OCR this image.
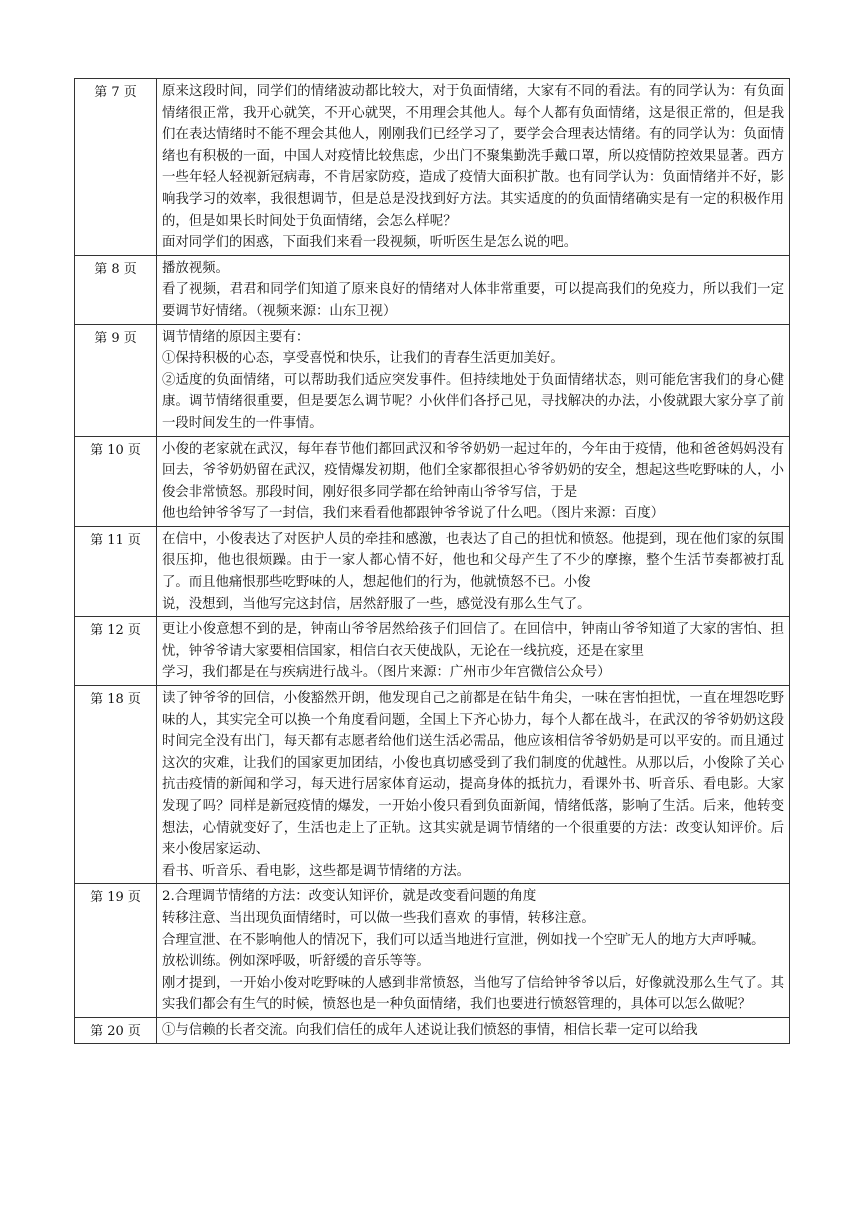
第 7 页	原来这段时间，同学们的情绪波动都比较大，对于负面情绪，大家有不同的看法。有的同学认为：有负面情绪很正常，我开心就笑，不开心就哭，不用理会其他人。每个人都有负面情绪，这是很正常的，但是我们在表达情绪时不能不理会其他人，刚刚我们已经学习了，要学会合理表达情绪。有的同学认为：负面情绪也有积极的一面，中国人对疫情比较焦虑，少出门不聚集勤洗手戴口罩，所以疫情防控效果显著。西方一些年轻人轻视新冠病毒，不肯居家防疫，造成了疫情大面积扩散。也有同学认为：负面情绪并不好，影响我学习的效率，我很想调节，但是总是没找到好方法。其实适度的的负面情绪确实是有一定的积极作用的，但是如果长时间处于负面情绪，会怎么样呢？

面对同学们的困惑，下面我们来看一段视频，听听医生是怎么说的吧。

第 8 页	播放视频。

看了视频，君君和同学们知道了原来良好的情绪对人体非常重要，可以提高我们的免疫力，所以我们一定要调节好情绪。（视频来源：山东卫视）

第 9 页	调节情绪的原因主要有：

①保持积极的心态，享受喜悦和快乐，让我们的青春生活更加美好。

②适度的负面情绪，可以帮助我们适应突发事件。但持续地处于负面情绪状态，则可能危害我们的身心健康。调节情绪很重要，但是要怎么调节呢？小伙伴们各抒己见，寻找解决的办法，小俊就跟大家分享了前一段时间发生的一件事情。

第 10 页	小俊的老家就在武汉，每年春节他们都回武汉和爷爷奶奶一起过年的，今年由于疫情，他和爸爸妈妈没有回去，爷爷奶奶留在武汉，疫情爆发初期，他们全家都很担心爷爷奶奶的安全，想起这些吃野味的人，小俊会非常愤怒。那段时间，刚好很多同学都在给钟南山爷爷写信，于是

他也给钟爷爷写了一封信，我们来看看他都跟钟爷爷说了什么吧。（图片来源：百度）

第 11 页	在信中，小俊表达了对医护人员的牵挂和感激，也表达了自己的担忧和愤怒。他提到，现在他们家的氛围很压抑，他也很烦躁。由于一家人都心情不好，他也和父母产生了不少的摩擦，整个生活节奏都被打乱了。而且他痛恨那些吃野味的人，想起他们的行为，他就愤怒不已。小俊

说，没想到，当他写完这封信，居然舒服了一些，感觉没有那么生气了。

第 12 页	更让小俊意想不到的是，钟南山爷爷居然给孩子们回信了。在回信中，钟南山爷爷知道了大家的害怕、担忧，钟爷爷请大家要相信国家，相信白衣天使战队，无论在一线抗疫，还是在家里

学习，我们都是在与疾病进行战斗。（图片来源：广州市少年宫微信公众号）

第 18 页	读了钟爷爷的回信，小俊豁然开朗，他发现自己之前都是在钻牛角尖，一味在害怕担忧，一直在埋怨吃野味的人，其实完全可以换一个角度看问题，全国上下齐心协力，每个人都在战斗，在武汉的爷爷奶奶这段时间完全没有出门，每天都有志愿者给他们送生活必需品，他应该相信爷爷奶奶是可以平安的。而且通过这次的灾难，让我们的国家更加团结，小俊也真切感受到了我们制度的优越性。从那以后，小俊除了关心抗击疫情的新闻和学习，每天进行居家体育运动，提高身体的抵抗力，看课外书、听音乐、看电影。大家发现了吗？同样是新冠疫情的爆发，一开始小俊只看到负面新闻，情绪低落，影响了生活。后来，他转变想法，心情就变好了，生活也走上了正轨。这其实就是调节情绪的一个很重要的方法：改变认知评价。后来小俊居家运动、

看书、听音乐、看电影，这些都是调节情绪的方法。

第 19 页	2.合理调节情绪的方法：改变认知评价，就是改变看问题的角度

转移注意、当出现负面情绪时，可以做一些我们喜欢 的事情，转移注意。

合理宣泄、在不影响他人的情况下，我们可以适当地进行宣泄，例如找一个空旷无人的地方大声呼喊。

放松训练。例如深呼吸，听舒缓的音乐等等。

刚才提到，一开始小俊对吃野味的人感到非常愤怒，当他写了信给钟爷爷以后，好像就没那么生气了。其实我们都会有生气的时候，愤怒也是一种负面情绪，我们也要进行愤怒管理的，具体可以怎么做呢？

第 20 页	①与信赖的长者交流。向我们信任的成年人述说让我们愤怒的事情，相信长辈一定可以给我
